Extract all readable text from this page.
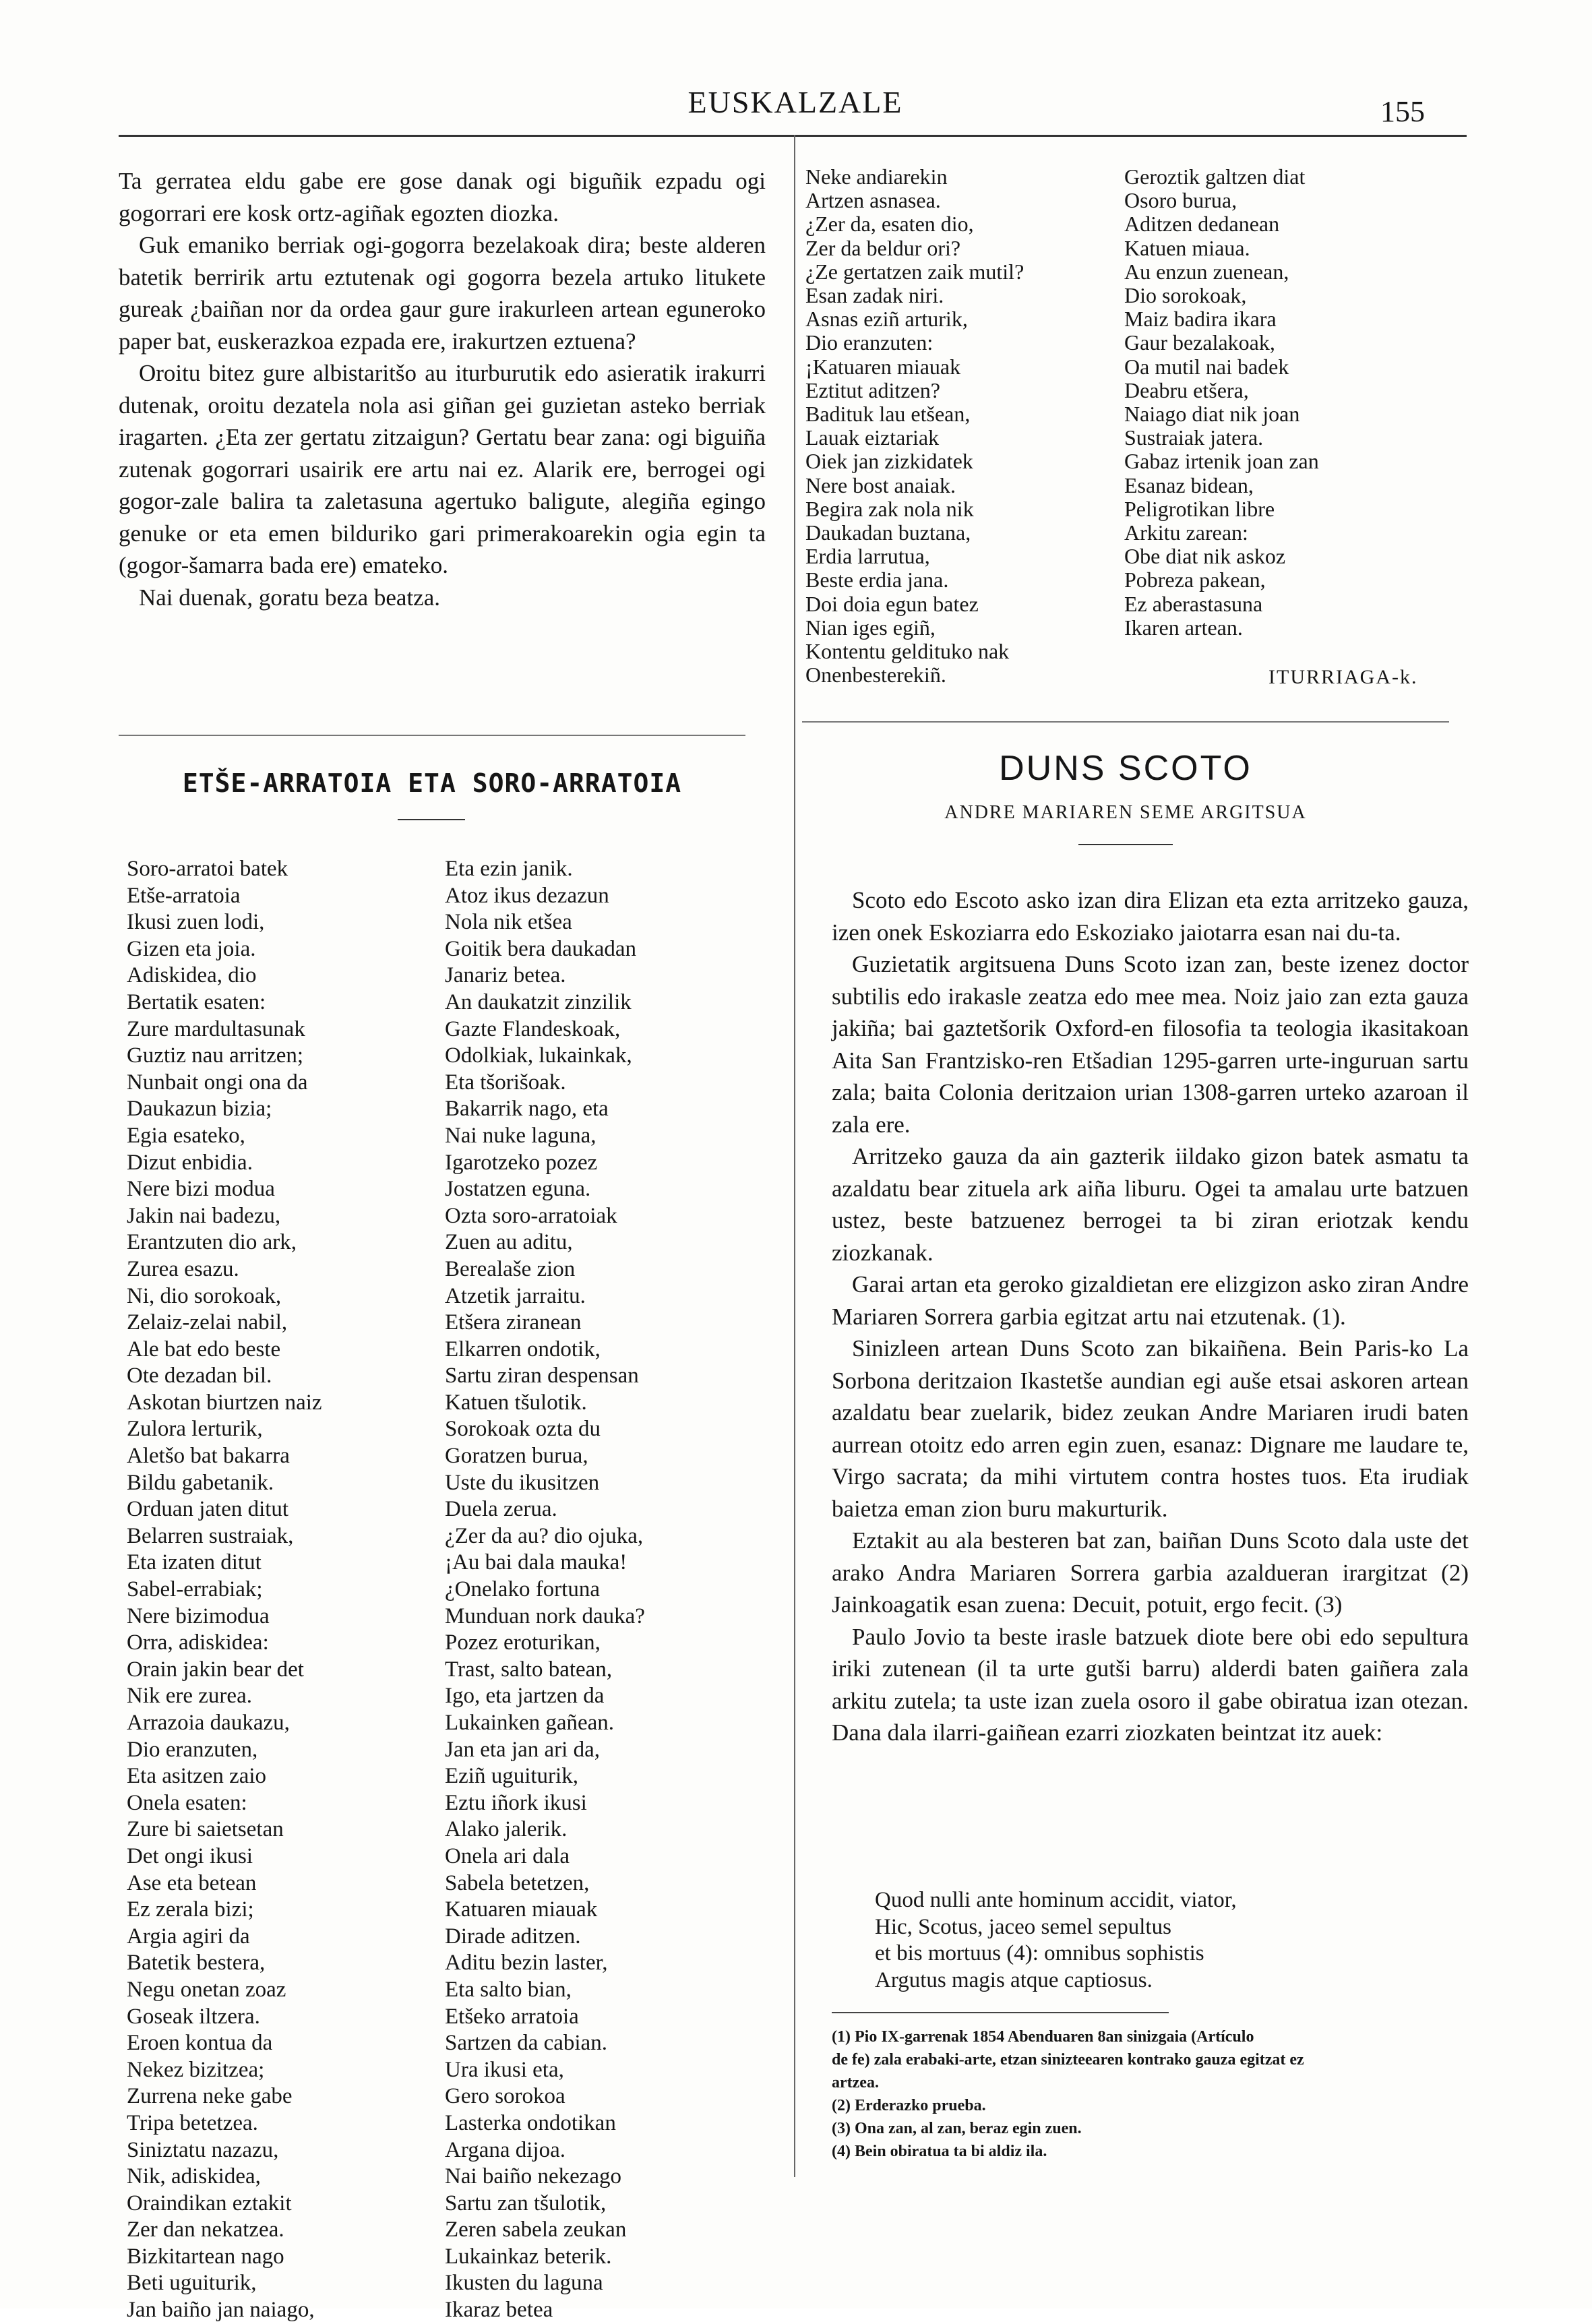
EUSKALZALE	155

Ta gerratea eldu gabe ere gose danak ogi biguñik ezpadu ogi gogorrari ere kosk ortz-agiñak egozten diozka.

Guk emaniko berriak ogi-gogorra bezelakoak dira; beste alderen batetik berririk artu eztutenak ogi gogorra bezela artuko litukete gureak ¿baiñan nor da ordea gaur gure irakurleen artean eguneroko paper bat, euskerazkoa ezpada ere, irakurtzen eztuena?

Oroitu bitez gure albistaritšo au iturburutik edo asieratik irakurri dutenak, oroitu dezatela nola asi giñan gei guzietan asteko berriak iragarten. ¿Eta zer gertatu zitzaigun? Gertatu bear zana: ogi biguiña zutenak gogorrari usairik ere artu nai ez. Alarik ere, berrogei ogi gogor-zale balira ta zaletasuna agertuko baligute, alegiña egingo genuke or eta emen bilduriko gari primerakoarekin ogia egin ta (gogor-šamarra bada ere) emateko.

Nai duenak, goratu beza beatza.

Neke andiarekin
Artzen asnasea.
¿Zer da, esaten dio,
Zer da beldur ori?
¿Ze gertatzen zaik mutil?
Esan zadak niri.
Asnas eziñ arturik,
Dio eranzuten:
¡Katuaren miauak
Eztitut aditzen?
Badituk lau etšean,
Lauak eiztariak
Oiek jan zizkidatek
Nere bost anaiak.
Begira zak nola nik
Daukadan buztana,
Erdia larrutua,
Beste erdia jana.
Doi doia egun batez
Nian iges egiñ,
Kontentu geldituko nak
Onenbesterekiñ.
Geroztik galtzen diat
Osoro burua,
Aditzen dedanean
Katuen miaua.
Au enzun zuenean,
Dio sorokoak,
Maiz badira ikara
Gaur bezalakoak,
Oa mutil nai badek
Deabru etšera,
Naiago diat nik joan
Sustraiak jatera.
Gabaz irtenik joan zan
Esanaz bidean,
Peligrotikan libre
Arkitu zarean:
Obe diat nik askoz
Pobreza pakean,
Ez aberastasuna
Ikaren artean.
ITURRIAGA-k.
ETŠE-ARRATOIA ETA SORO-ARRATOIA
Soro-arratoi batek
Etše-arratoia
Ikusi zuen lodi,
Gizen eta joia.
Adiskidea, dio
Bertatik esaten:
Zure mardultasunak
Guztiz nau arritzen;
Nunbait ongi ona da
Daukazun bizia;
Egia esateko,
Dizut enbidia.
Nere bizi modua
Jakin nai badezu,
Erantzuten dio ark,
Zurea esazu.
Ni, dio sorokoak,
Zelaiz-zelai nabil,
Ale bat edo beste
Ote dezadan bil.
Askotan biurtzen naiz
Zulora lerturik,
Aletšo bat bakarra
Bildu gabetanik.
Orduan jaten ditut
Belarren sustraiak,
Eta izaten ditut
Sabel-errabiak;
Nere bizimodua
Orra, adiskidea:
Orain jakin bear det
Nik ere zurea.
Arrazoia daukazu,
Dio eranzuten,
Eta asitzen zaio
Onela esaten:
Zure bi saietsetan
Det ongi ikusi
Ase eta betean
Ez zerala bizi;
Argia agiri da
Batetik bestera,
Negu onetan zoaz
Goseak iltzera.
Eroen kontua da
Nekez bizitzea;
Zurrena neke gabe
Tripa betetzea.
Siniztatu nazazu,
Nik, adiskidea,
Oraindikan eztakit
Zer dan nekatzea.
Bizkitartean nago
Beti uguiturik,
Jan baiño jan naiago,
Eta ezin janik.
Atoz ikus dezazun
Nola nik etšea
Goitik bera daukadan
Janariz betea.
An daukatzit zinzilik
Gazte Flandeskoak,
Odolkiak, lukainkak,
Eta tšorišoak.
Bakarrik nago, eta
Nai nuke laguna,
Igarotzeko pozez
Jostatzen eguna.
Ozta soro-arratoiak
Zuen au aditu,
Berealaše zion
Atzetik jarraitu.
Etšera ziranean
Elkarren ondotik,
Sartu ziran despensan
Katuen tšulotik.
Sorokoak ozta du
Goratzen burua,
Uste du ikusitzen
Duela zerua.
¿Zer da au? dio ojuka,
¡Au bai dala mauka!
¿Onelako fortuna
Munduan nork dauka?
Pozez eroturikan,
Trast, salto batean,
Igo, eta jartzen da
Lukainken gañean.
Jan eta jan ari da,
Eziñ uguiturik,
Eztu iñork ikusi
Alako jalerik.
Onela ari dala
Sabela betetzen,
Katuaren miauak
Dirade aditzen.
Aditu bezin laster,
Eta salto bian,
Etšeko arratoia
Sartzen da cabian.
Ura ikusi eta,
Gero sorokoa
Lasterka ondotikan
Argana dijoa.
Nai baiño nekezago
Sartu zan tšulotik,
Zeren sabela zeukan
Lukainkaz beterik.
Ikusten du laguna
Ikaraz betea
DUNS SCOTO
ANDRE MARIAREN SEME ARGITSUA

Scoto edo Escoto asko izan dira Elizan eta ezta arritzeko gauza, izen onek Eskoziarra edo Eskoziako jaiotarra esan nai du-ta.

Guzietatik argitsuena Duns Scoto izan zan, beste izenez doctor subtilis edo irakasle zeatza edo mee mea. Noiz jaio zan ezta gauza jakiña; bai gaztetšorik Oxford-en filosofia ta teologia ikasitakoan Aita San Frantzisko-ren Etšadian 1295-garren urte-inguruan sartu zala; baita Colonia deritzaion urian 1308-garren urteko azaroan il zala ere.

Arritzeko gauza da ain gazterik iildako gizon batek asmatu ta azaldatu bear zituela ark aiña liburu. Ogei ta amalau urte batzuen ustez, beste batzuenez berrogei ta bi ziran eriotzak kendu ziozkanak.

Garai artan eta geroko gizaldietan ere elizgizon asko ziran Andre Mariaren Sorrera garbia egitzat artu nai etzutenak. (1).

Sinizleen artean Duns Scoto zan bikaiñena. Bein Paris-ko La Sorbona deritzaion Ikastetše aundian egi auše etsai askoren artean azaldatu bear zuelarik, bidez zeukan Andre Mariaren irudi baten aurrean otoitz edo arren egin zuen, esanaz: Dignare me laudare te, Virgo sacrata; da mihi virtutem contra hostes tuos. Eta irudiak baietza eman zion buru makurturik.

Eztakit au ala besteren bat zan, baiñan Duns Scoto dala uste det arako Andra Mariaren Sorrera garbia azaldueran irargitzat (2) Jainkoagatik esan zuena: Decuit, potuit, ergo fecit. (3)

Paulo Jovio ta beste irasle batzuek diote bere obi edo sepultura iriki zutenean (il ta urte gutši barru) alderdi baten gaiñera zala arkitu zutela; ta uste izan zuela osoro il gabe obiratua izan otezan. Dana dala ilarri-gaiñean ezarri ziozkaten beintzat itz auek:

Quod nulli ante hominum accidit, viator,
Hic, Scotus, jaceo semel sepultus
et bis mortuus (4): omnibus sophistis
Argutus magis atque captiosus.
(1) Pio IX-garrenak 1854 Abenduaren 8an sinizgaia (Artículo
de fe) zala erabaki-arte, etzan sinizteearen kontrako gauza egitzat ez
artzea.
(2) Erderazko prueba.
(3) Ona zan, al zan, beraz egin zuen.
(4) Bein obiratua ta bi aldiz ila.
